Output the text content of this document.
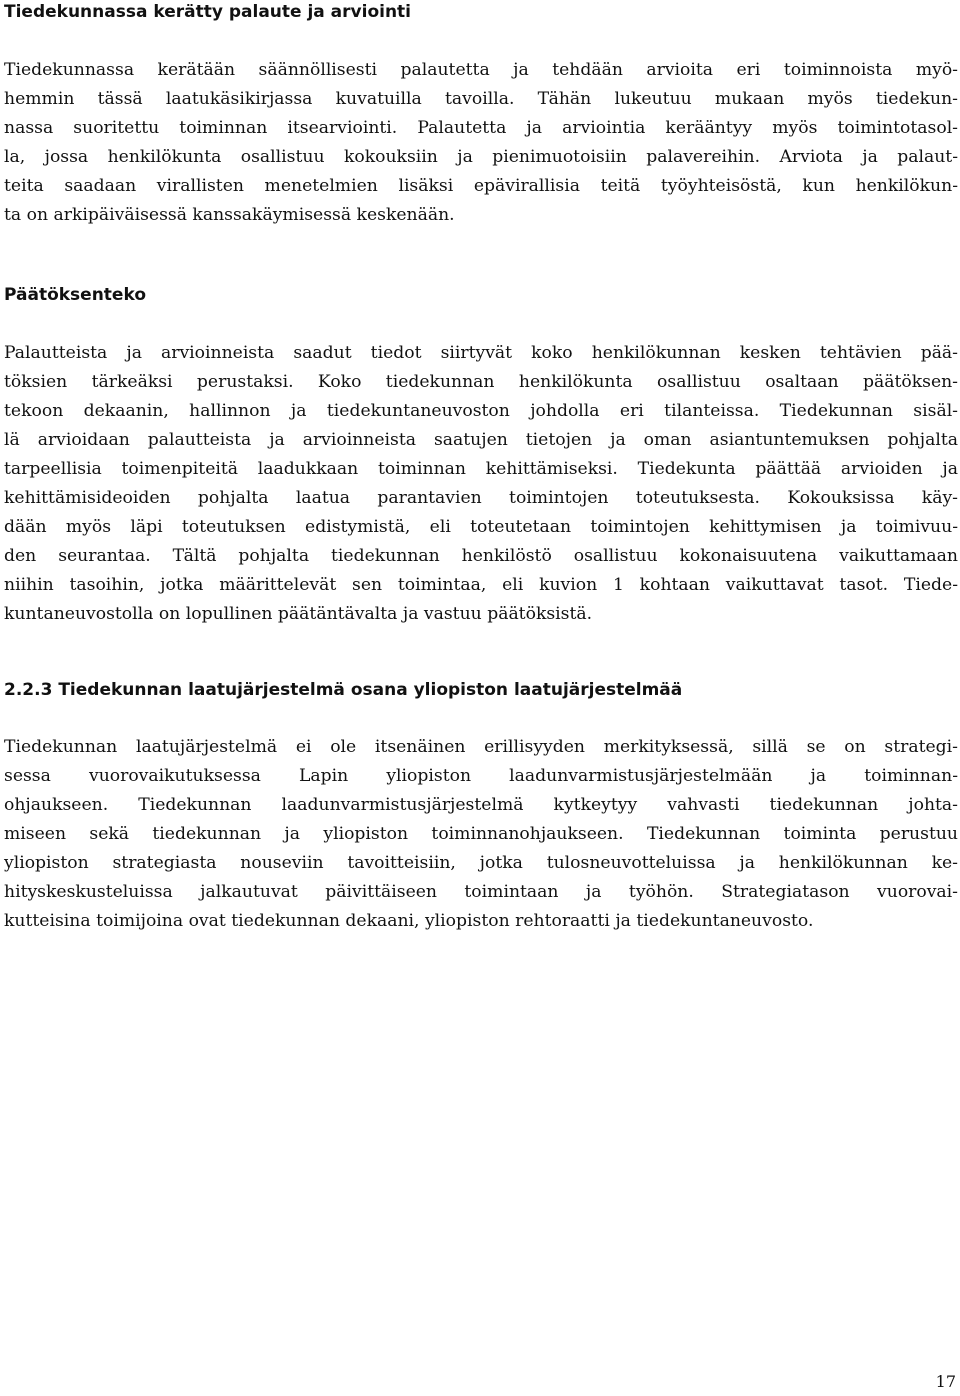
Tiedekunnassa kerätty palaute ja arviointi
Tiedekunnassa kerätään säännöllisesti palautetta ja tehdään arvioita eri toiminnoista myö-
hemmin tässä laatukäsikirjassa kuvatuilla tavoilla. Tähän lukeutuu mukaan myös tiedekun-
nassa suoritettu toiminnan itsearviointi. Palautetta ja arviointia kerääntyy myös toimintotasol-
la, jossa henkilökunta osallistuu kokouksiin ja pienimuotoisiin palavereihin. Arviota ja palaut-
teita saadaan virallisten menetelmien lisäksi epävirallisia teitä työyhteisöstä, kun henkilökun-
ta on arkipäiväisessä kanssakäymisessä keskenään.
Päätöksenteko
Palautteista ja arvioinneista saadut tiedot siirtyvät koko henkilökunnan kesken tehtävien pää-
töksien tärkeäksi perustaksi. Koko tiedekunnan henkilökunta osallistuu osaltaan päätöksen-
tekoon dekaanin, hallinnon ja tiedekuntaneuvoston johdolla eri tilanteissa. Tiedekunnan sisäl-
lä arvioidaan palautteista ja arvioinneista saatujen tietojen ja oman asiantuntemuksen pohjalta
tarpeellisia toimenpiteitä laadukkaan toiminnan kehittämiseksi. Tiedekunta päättää arvioiden ja
kehittämisideoiden pohjalta laatua parantavien toimintojen toteutuksesta. Kokouksissa käy-
dään myös läpi toteutuksen edistymistä, eli toteutetaan toimintojen kehittymisen ja toimivuu-
den seurantaa. Tältä pohjalta tiedekunnan henkilöstö osallistuu kokonaisuutena vaikuttamaan
niihin tasoihin, jotka määrittelevät sen toimintaa, eli kuvion 1 kohtaan vaikuttavat tasot. Tiede-
kuntaneuvostolla on lopullinen päätäntävalta ja vastuu päätöksistä.
2.2.3 Tiedekunnan laatujärjestelmä osana yliopiston laatujärjestelmää
Tiedekunnan laatujärjestelmä ei ole itsenäinen erillisyyden merkityksessä, sillä se on strategi-
sessa vuorovaikutuksessa Lapin yliopiston laadunvarmistusjärjestelmään ja toiminnan-
ohjaukseen. Tiedekunnan laadunvarmistusjärjestelmä kytkeytyy vahvasti tiedekunnan johta-
miseen sekä tiedekunnan ja yliopiston toiminnanohjaukseen. Tiedekunnan toiminta perustuu
yliopiston strategiasta nouseviin tavoitteisiin, jotka tulosneuvotteluissa ja henkilökunnan ke-
hityskeskusteluissa jalkautuvat päivittäiseen toimintaan ja työhön. Strategiatason vuorovai-
kutteisina toimijoina ovat tiedekunnan dekaani, yliopiston rehtoraatti ja tiedekuntaneuvosto.
17
